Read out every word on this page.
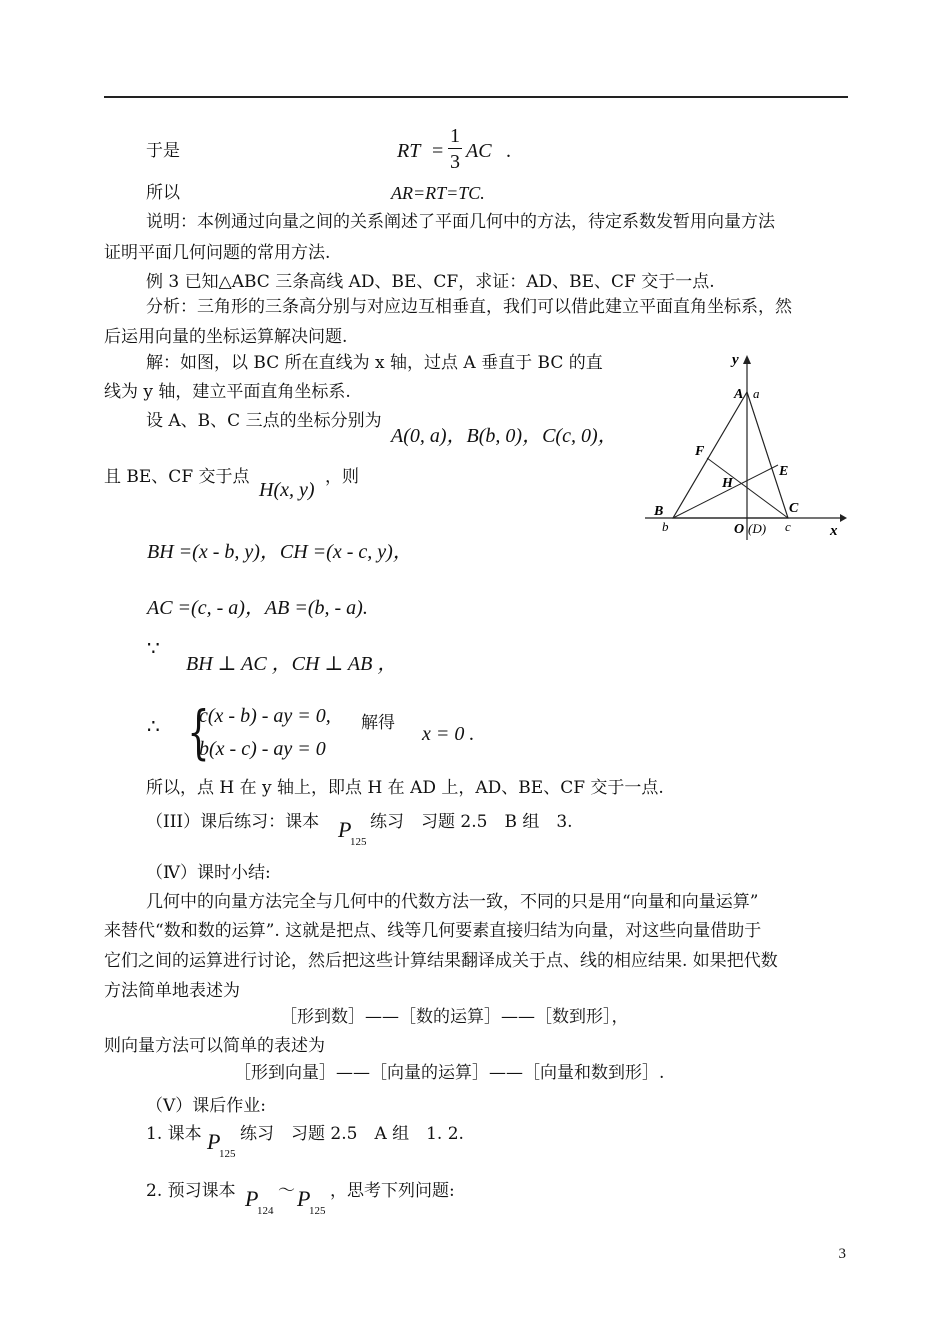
于是	RT =
1
3 AC .
所以	AR=RT=TC.
说明：本例通过向量之间的关系阐述了平面几何中的方法，待定系数发暂用向量方法
证明平面几何问题的常用方法.
例 3 已知△ABC 三条高线 AD、BE、CF，求证：AD、BE、CF 交于一点.
分析：三角形的三条高分别与对应边互相垂直，我们可以借此建立平面直角坐标系，然
后运用向量的坐标运算解决问题.
解：如图，以 BC 所在直线为 x 轴，过点 A 垂直于 BC 的直
线为 y 轴，建立平面直角坐标系.
设 A、B、C 三点的坐标分别为
A(0, a)，B(b, 0)，C(c, 0)，
且 BE、CF 交于点
H(x, y)
，则
BH =(x - b, y)，CH =(x - c, y)，
AC =(c, - a)，AB =(b, - a).
∵
BH ⊥ AC ，CH ⊥ AB ，
∴ {
c(x - b) - ay = 0,
b(x - c) - ay = 0
解得 x = 0 .
所以，点 H 在 y 轴上，即点 H 在 AD 上，AD、BE、CF 交于一点.
（III）课后练习：课本 P
125
练习　习题 2.5　B 组　3.
（Ⅳ）课时小结:
几何中的向量方法完全与几何中的代数方法一致，不同的只是用“向量和向量运算”
来替代“数和数的运算”. 这就是把点、线等几何要素直接归结为向量，对这些向量借助于
它们之间的运算进行讨论，然后把这些计算结果翻译成关于点、线的相应结果. 如果把代数
方法简单地表述为
［形到数］——［数的运算］——［数到形］，
则向量方法可以简单的表述为
［形到向量］——［向量的运算］——［向量和数到形］.
（Ⅴ）课后作业:
1. 课本 P
125
练习　习题 2.5　A 组　1. 2.
2. 预习课本 P
124
～ P
125
，思考下列问题:
y
x
A a
B
b
C
c
E
F
H
O (D)
3
